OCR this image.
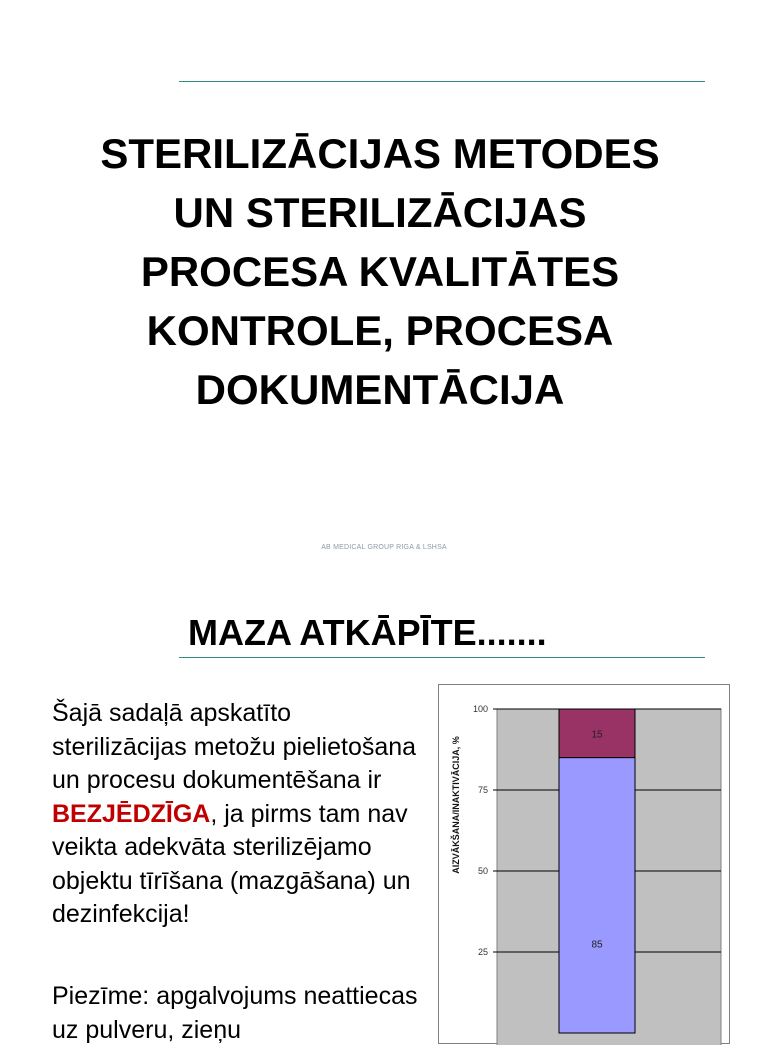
STERILIZĀCIJAS METODES
UN STERILIZĀCIJAS
PROCESA KVALITĀTES
KONTROLE, PROCESA
DOKUMENTĀCIJA
AB MEDICAL GROUP RIGA & LSHSA
MAZA ATKĀPĪTE.......

Šajā sadaļā apskatīto sterilizācijas metožu pielietošana un procesu dokumentēšana ir BEZJĒDZĪGA, ja pirms tam nav veikta adekvāta sterilizējamo objektu tīrīšana (mazgāšana) un dezinfekcija!

Piezīme: apgalvojums neattiecas uz pulveru, zieņu

100
75
50
25
AIZVĀKŠANA/INAKTIVĀCIJA, %
85
15
